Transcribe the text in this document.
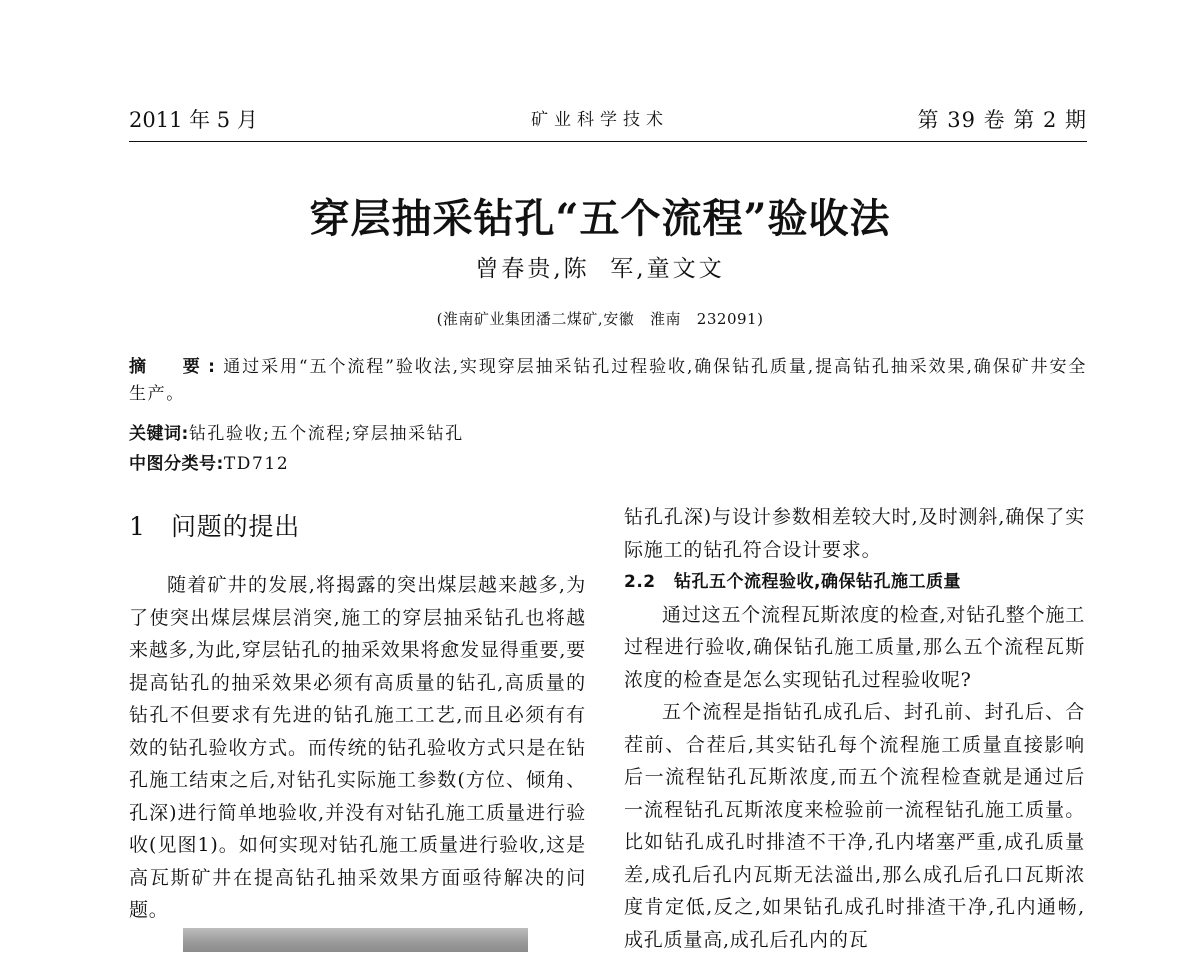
2011 年 5 月	矿业科学技术	第 39 卷 第 2 期
穿层抽采钻孔“五个流程”验收法
曾春贵,陈  军,童文文
(淮南矿业集团潘二煤矿,安徽   淮南   232091)
摘  要:通过采用“五个流程”验收法,实现穿层抽采钻孔过程验收,确保钻孔质量,提高钻孔抽采效果,确保矿井安全生产。
关键词:钻孔验收;五个流程;穿层抽采钻孔
中图分类号:TD712
1 问题的提出

随着矿井的发展,将揭露的突出煤层越来越多,为了使突出煤层煤层消突,施工的穿层抽采钻孔也将越来越多,为此,穿层钻孔的抽采效果将愈发显得重要,要提高钻孔的抽采效果必须有高质量的钻孔,高质量的钻孔不但要求有先进的钻孔施工工艺,而且必须有有效的钻孔验收方式。而传统的钻孔验收方式只是在钻孔施工结束之后,对钻孔实际施工参数(方位、倾角、孔深)进行简单地验收,并没有对钻孔施工质量进行验收(见图1)。如何实现对钻孔施工质量进行验收,这是高瓦斯矿井在提高钻孔抽采效果方面亟待解决的问题。

钻孔孔深)与设计参数相差较大时,及时测斜,确保了实际施工的钻孔符合设计要求。

2.2 钻孔五个流程验收,确保钻孔施工质量

通过这五个流程瓦斯浓度的检查,对钻孔整个施工过程进行验收,确保钻孔施工质量,那么五个流程瓦斯浓度的检查是怎么实现钻孔过程验收呢?

五个流程是指钻孔成孔后、封孔前、封孔后、合茬前、合茬后,其实钻孔每个流程施工质量直接影响后一流程钻孔瓦斯浓度,而五个流程检查就是通过后一流程钻孔瓦斯浓度来检验前一流程钻孔施工质量。比如钻孔成孔时排渣不干净,孔内堵塞严重,成孔质量差,成孔后孔内瓦斯无法溢出,那么成孔后孔口瓦斯浓度肯定低,反之,如果钻孔成孔时排渣干净,孔内通畅,成孔质量高,成孔后孔内的瓦
